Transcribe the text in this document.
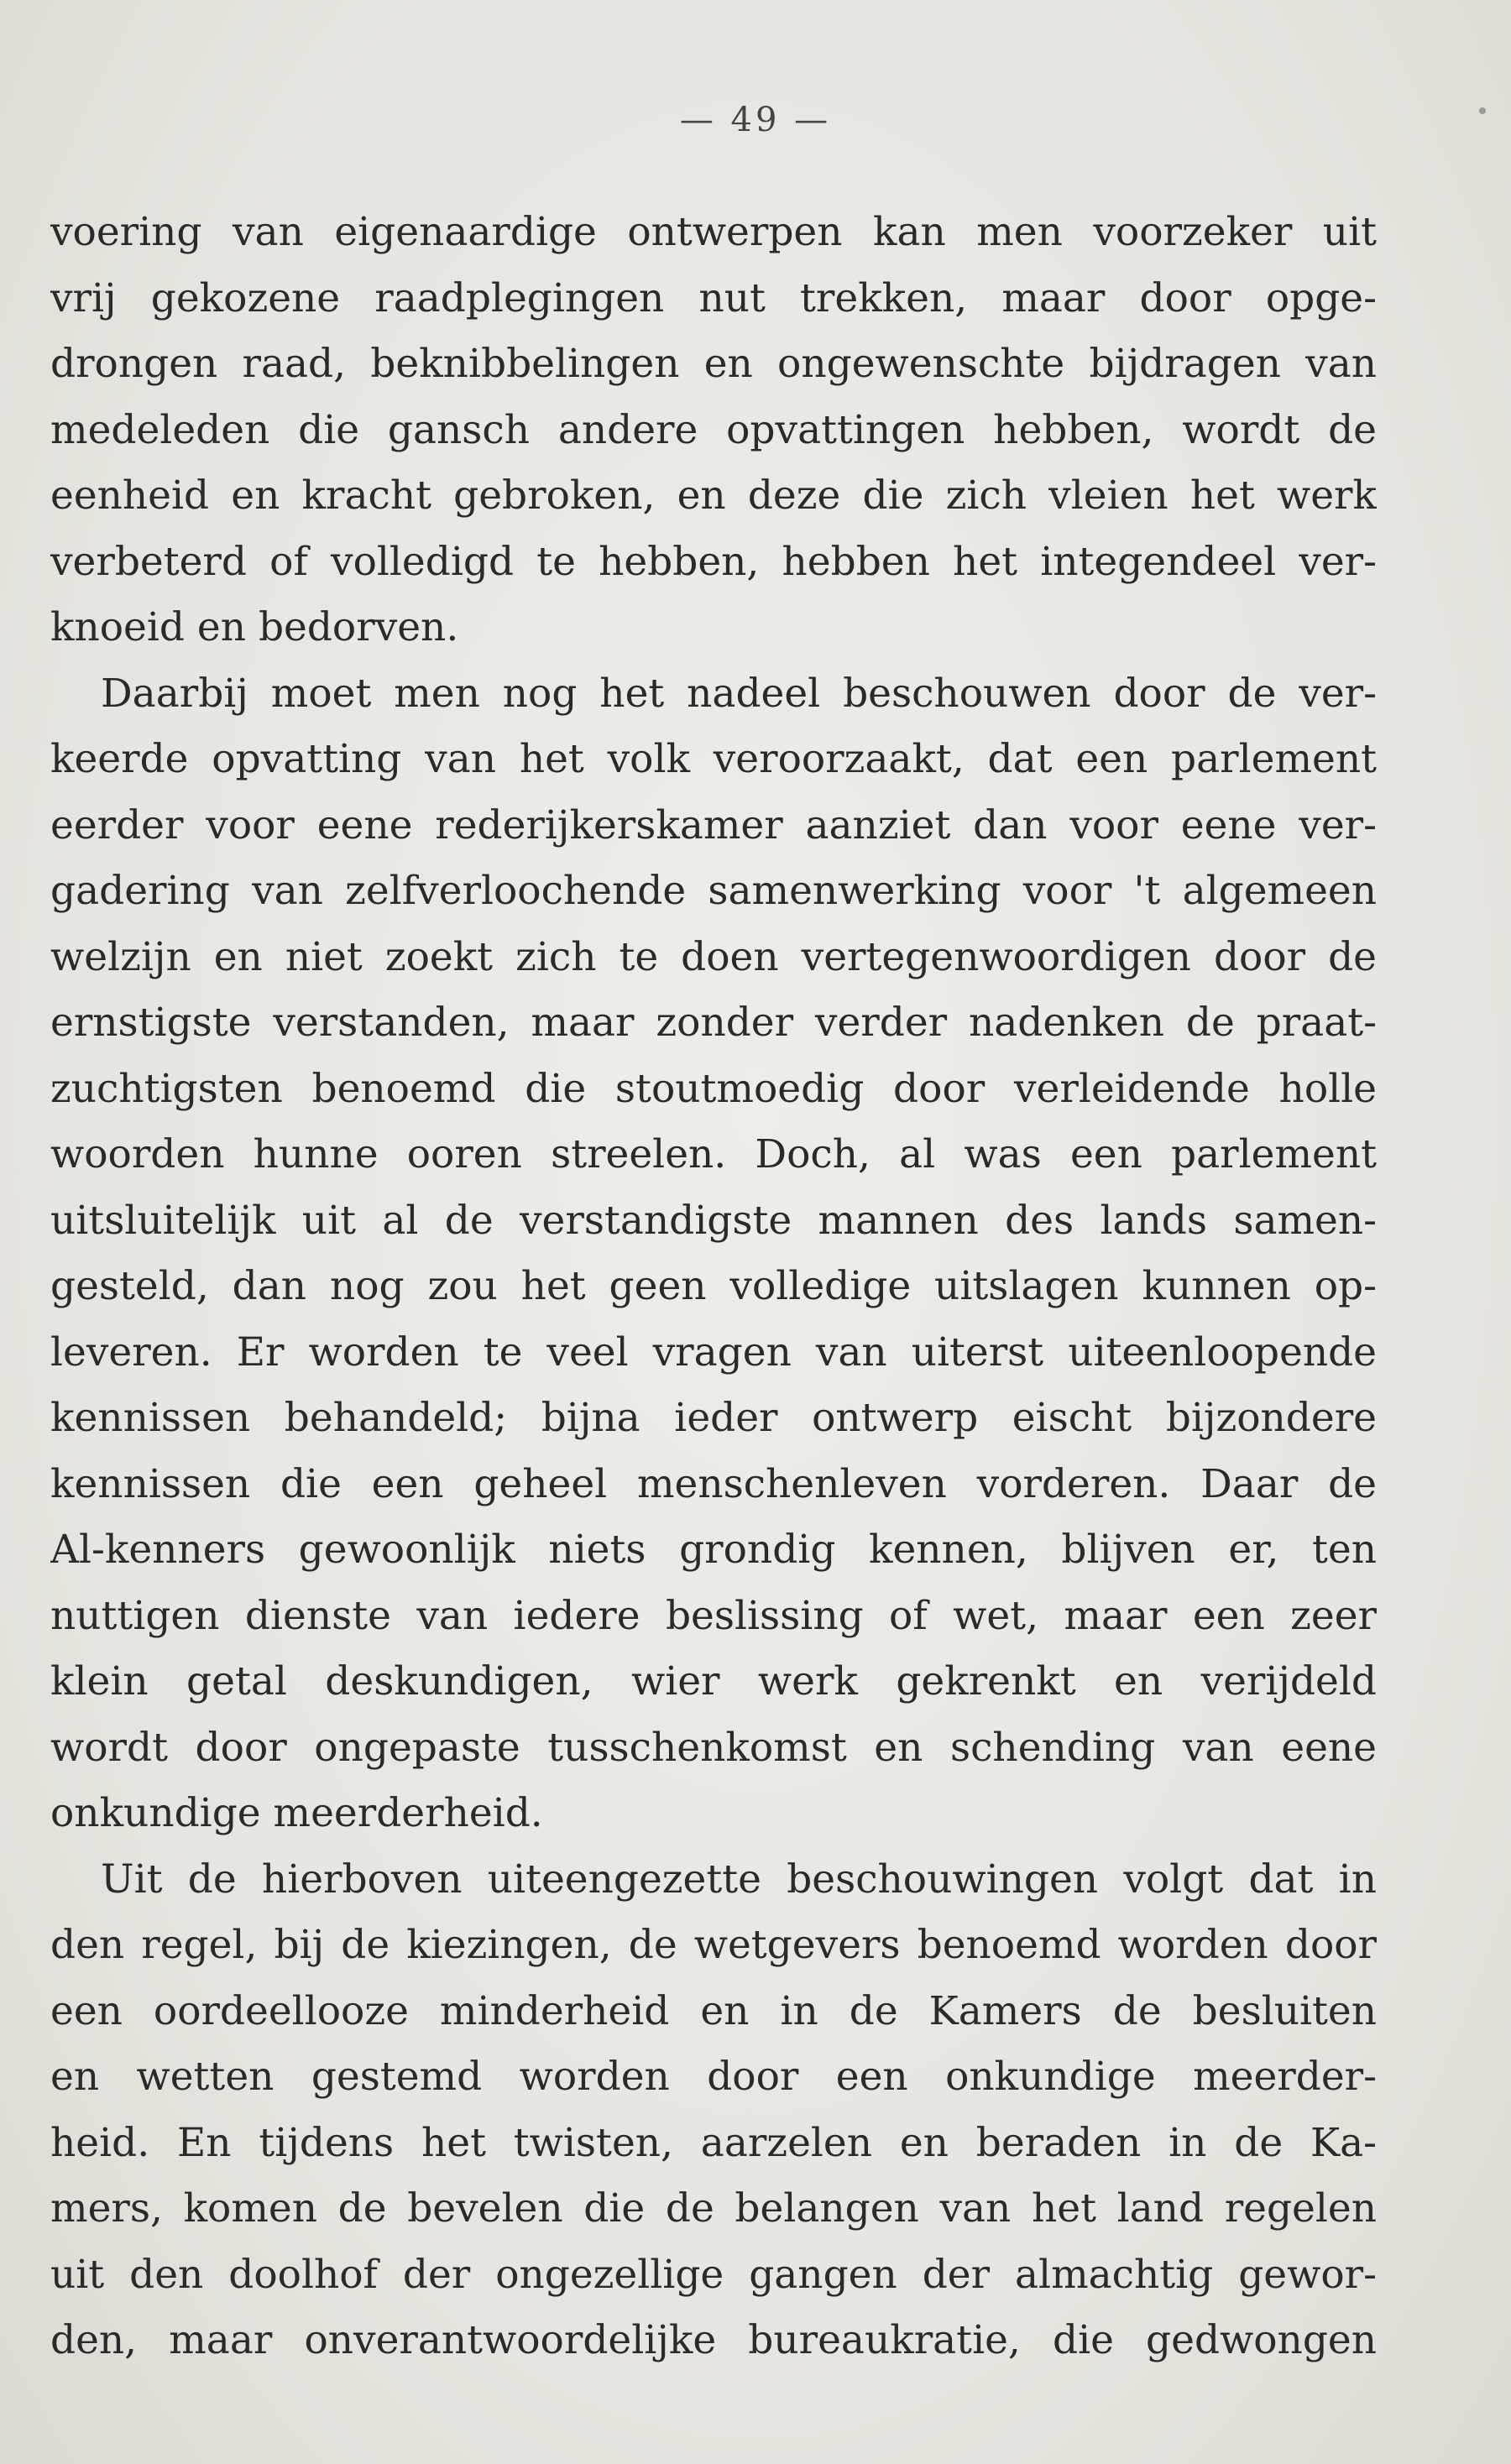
— 49 —
voering van eigenaardige ontwerpen kan men voorzeker uit
vrij gekozene raadplegingen nut trekken, maar door opge-
drongen raad, beknibbelingen en ongewenschte bijdragen van
medeleden die gansch andere opvattingen hebben, wordt de
eenheid en kracht gebroken, en deze die zich vleien het werk
verbeterd of volledigd te hebben, hebben het integendeel ver-
knoeid en bedorven.
Daarbij moet men nog het nadeel beschouwen door de ver-
keerde opvatting van het volk veroorzaakt, dat een parlement
eerder voor eene rederijkerskamer aanziet dan voor eene ver-
gadering van zelfverloochende samenwerking voor 't algemeen
welzijn en niet zoekt zich te doen vertegenwoordigen door de
ernstigste verstanden, maar zonder verder nadenken de praat-
zuchtigsten benoemd die stoutmoedig door verleidende holle
woorden hunne ooren streelen. Doch, al was een parlement
uitsluitelijk uit al de verstandigste mannen des lands samen-
gesteld, dan nog zou het geen volledige uitslagen kunnen op-
leveren. Er worden te veel vragen van uiterst uiteenloopende
kennissen behandeld; bijna ieder ontwerp eischt bijzondere
kennissen die een geheel menschenleven vorderen. Daar de
Al-kenners gewoonlijk niets grondig kennen, blijven er, ten
nuttigen dienste van iedere beslissing of wet, maar een zeer
klein getal deskundigen, wier werk gekrenkt en verijdeld
wordt door ongepaste tusschenkomst en schending van eene
onkundige meerderheid.
Uit de hierboven uiteengezette beschouwingen volgt dat in
den regel, bij de kiezingen, de wetgevers benoemd worden door
een oordeellooze minderheid en in de Kamers de besluiten
en wetten gestemd worden door een onkundige meerder-
heid. En tijdens het twisten, aarzelen en beraden in de Ka-
mers, komen de bevelen die de belangen van het land regelen
uit den doolhof der ongezellige gangen der almachtig gewor-
den, maar onverantwoordelijke bureaukratie, die gedwongen
